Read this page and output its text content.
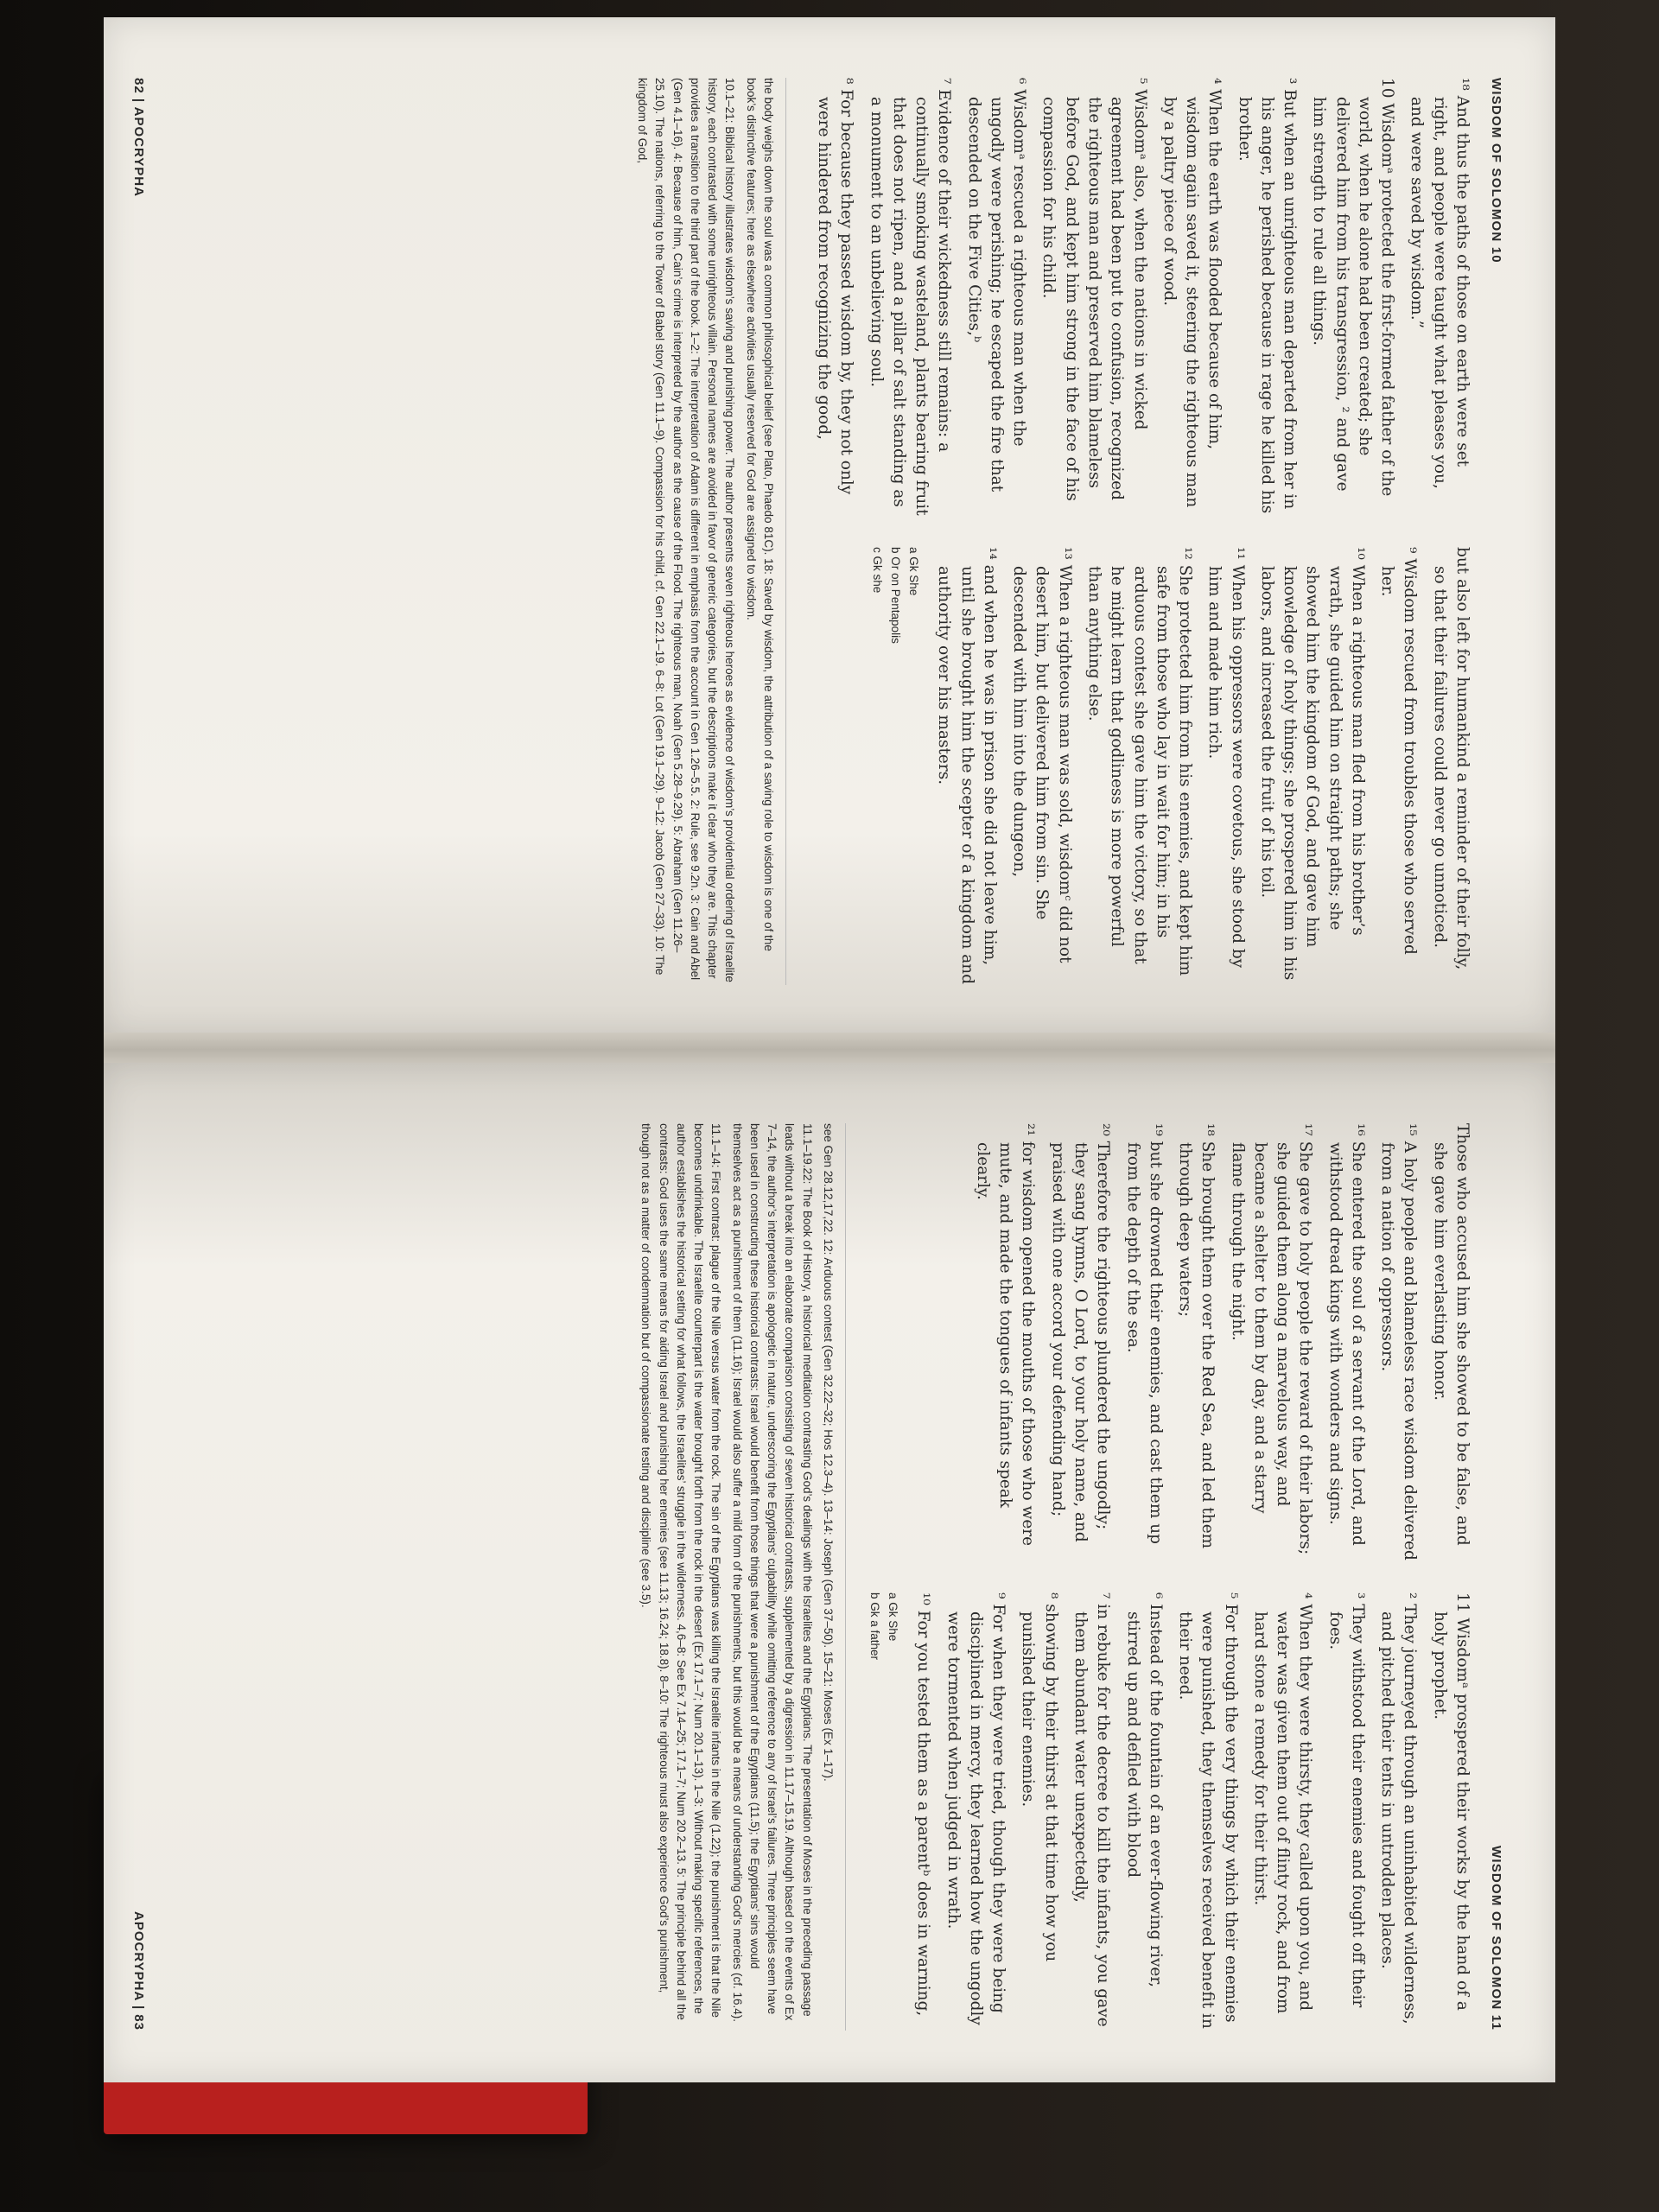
WISDOM OF SOLOMON 10

¹⁸ And thus the paths of those on earth were set right, and people were taught what pleases you, and were saved by wisdom.”

10 Wisdomᵃ protected the first-formed father of the world, when he alone had been created; she delivered him from his transgression, ² and gave him strength to rule all things.

³ But when an unrighteous man departed from her in his anger, he perished because in rage he killed his brother.

⁴ When the earth was flooded because of him, wisdom again saved it, steering the righteous man by a paltry piece of wood.

⁵ Wisdomᵃ also, when the nations in wicked agreement had been put to confusion, recognized the righteous man and preserved him blameless before God, and kept him strong in the face of his compassion for his child.

⁶ Wisdomᵃ rescued a righteous man when the ungodly were perishing; he escaped the fire that descended on the Five Cities,ᵇ

⁷ Evidence of their wickedness still remains: a continually smoking wasteland, plants bearing fruit that does not ripen, and a pillar of salt standing as a monument to an unbelieving soul.

⁸ For because they passed wisdom by, they not only were hindered from recognizing the good,

but also left for humankind a reminder of their folly, so that their failures could never go unnoticed.

⁹ Wisdom rescued from troubles those who served her.

¹⁰ When a righteous man fled from his brother’s wrath, she guided him on straight paths; she showed him the kingdom of God, and gave him knowledge of holy things; she prospered him in his labors, and increased the fruit of his toil.

¹¹ When his oppressors were covetous, she stood by him and made him rich.

¹² She protected him from his enemies, and kept him safe from those who lay in wait for him; in his arduous contest she gave him the victory, so that he might learn that godliness is more powerful than anything else.

¹³ When a righteous man was sold, wisdomᶜ did not desert him, but delivered him from sin. She descended with him into the dungeon,

¹⁴ and when he was in prison she did not leave him, until she brought him the scepter of a kingdom and authority over his masters.

a Gk She
b Or on Pentapolis
c Gk she

the body weighs down the soul was a common philosophical belief (see Plato, Phaedo 81C). 18: Saved by wisdom, the attribution of a saving role to wisdom is one of the book’s distinctive features; here as elsewhere activities usually reserved for God are assigned to wisdom.

10.1–21: Biblical history illustrates wisdom’s saving and punishing power. The author presents seven righteous heroes as evidence of wisdom’s providential ordering of Israelite history, each contrasted with some unrighteous villain. Personal names are avoided in favor of generic categories, but the descriptions make it clear who they are. This chapter provides a transition to the third part of the book. 1–2: The interpretation of Adam is different in emphasis from the account in Gen 1.26–5.5. 2: Rule, see 9.2n. 3: Cain and Abel (Gen 4.1–16). 4: Because of him, Cain’s crime is interpreted by the author as the cause of the Flood. The righteous man, Noah (Gen 5.28–9.29). 5: Abraham (Gen 11.26–25.10). The nations, referring to the Tower of Babel story (Gen 11.1–9). Compassion for his child, cf. Gen 22.1–19. 6–8: Lot (Gen 19.1–29). 9–12: Jacob (Gen 27–33). 10: The kingdom of God,

82 | APOCRYPHA
WISDOM OF SOLOMON 11

Those who accused him she showed to be false, and she gave him everlasting honor.

¹⁵ A holy people and blameless race wisdom delivered from a nation of oppressors.

¹⁶ She entered the soul of a servant of the Lord, and withstood dread kings with wonders and signs.

¹⁷ She gave to holy people the reward of their labors; she guided them along a marvelous way, and became a shelter to them by day, and a starry flame through the night.

¹⁸ She brought them over the Red Sea, and led them through deep waters;

¹⁹ but she drowned their enemies, and cast them up from the depth of the sea.

²⁰ Therefore the righteous plundered the ungodly; they sang hymns, O Lord, to your holy name, and praised with one accord your defending hand;

²¹ for wisdom opened the mouths of those who were mute, and made the tongues of infants speak clearly.

11 Wisdomᵃ prospered their works by the hand of a holy prophet.

² They journeyed through an uninhabited wilderness, and pitched their tents in untrodden places.

³ They withstood their enemies and fought off their foes.

⁴ When they were thirsty, they called upon you, and water was given them out of flinty rock, and from hard stone a remedy for their thirst.

⁵ For through the very things by which their enemies were punished, they themselves received benefit in their need.

⁶ Instead of the fountain of an ever-flowing river, stirred up and defiled with blood

⁷ in rebuke for the decree to kill the infants, you gave them abundant water unexpectedly,

⁸ showing by their thirst at that time how you punished their enemies.

⁹ For when they were tried, though they were being disciplined in mercy, they learned how the ungodly were tormented when judged in wrath.

¹⁰ For you tested them as a parentᵇ does in warning,

a Gk She
b Gk a father

see Gen 28.12,17,22. 12: Arduous contest (Gen 32.22–32; Hos 12.3–4). 13–14: Joseph (Gen 37–50). 15–21: Moses (Ex 1–17).

11.1–19.22: The Book of History, a historical meditation contrasting God’s dealings with the Israelites and the Egyptians. The presentation of Moses in the preceding passage leads without a break into an elaborate comparison consisting of seven historical contrasts, supplemented by a digression in 11.17–15.19. Although based on the events of Ex 7–14, the author’s interpretation is apologetic in nature, underscoring the Egyptians’ culpability while omitting reference to any of Israel’s failures. Three principles seem have been used in constructing these historical contrasts: Israel would benefit from those things that were a punishment of the Egyptians (11.5); the Egyptians’ sins would themselves act as a punishment of them (11.16); Israel would also suffer a mild form of the punishments, but this would be a means of understanding God’s mercies (cf. 16.4).

11.1–14: First contrast: plague of the Nile versus water from the rock. The sin of the Egyptians was killing the Israelite infants in the Nile (1.22); the punishment is that the Nile becomes undrinkable. The Israelite counterpart is the water brought forth from the rock in the desert (Ex 17.1–7; Num 20.1–13). 1–3: Without making specific references, the author establishes the historical setting for what follows, the Israelites’ struggle in the wilderness. 4,6–8: See Ex 7.14–25; 17.1–7; Num 20.2–13. 5: The principle behind all the contrasts: God uses the same means for aiding Israel and punishing her enemies (see 11.13; 16.24; 18.8). 8–10: The righteous must also experience God’s punishment, though not as a matter of condemnation but of compassionate testing and discipline (see 3.5).

APOCRYPHA | 83
